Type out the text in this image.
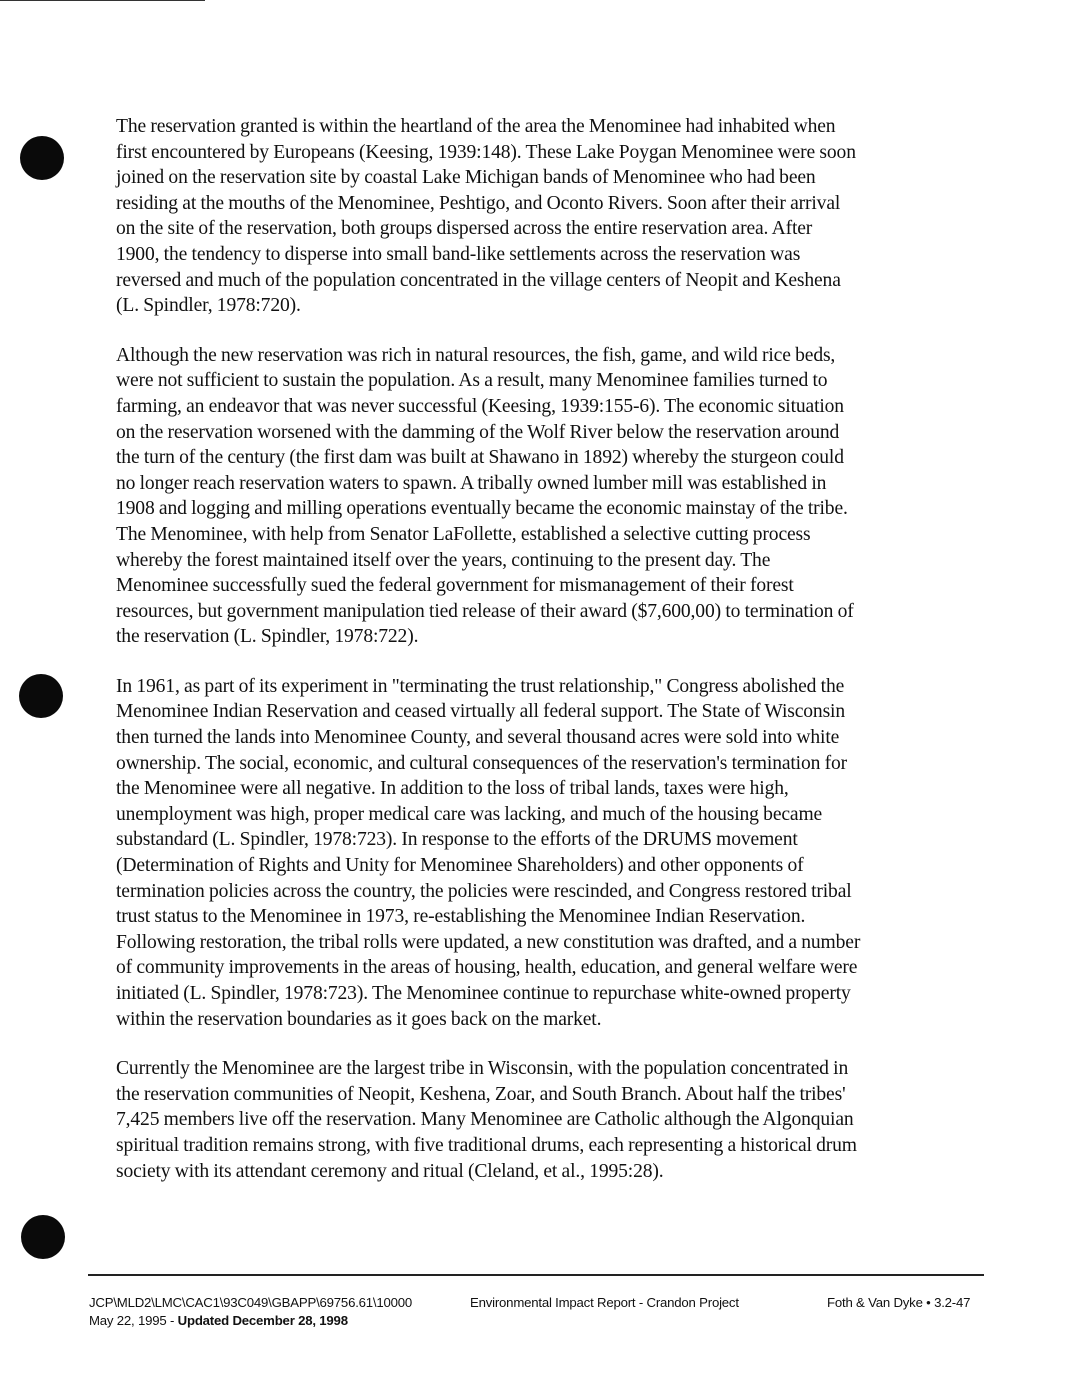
The reservation granted is within the heartland of the area the Menominee had inhabited when
first encountered by Europeans (Keesing, 1939:148). These Lake Poygan Menominee were soon
joined on the reservation site by coastal Lake Michigan bands of Menominee who had been
residing at the mouths of the Menominee, Peshtigo, and Oconto Rivers. Soon after their arrival
on the site of the reservation, both groups dispersed across the entire reservation area. After
1900, the tendency to disperse into small band-like settlements across the reservation was
reversed and much of the population concentrated in the village centers of Neopit and Keshena
(L. Spindler, 1978:720).

Although the new reservation was rich in natural resources, the fish, game, and wild rice beds,
were not sufficient to sustain the population. As a result, many Menominee families turned to
farming, an endeavor that was never successful (Keesing, 1939:155-6). The economic situation
on the reservation worsened with the damming of the Wolf River below the reservation around
the turn of the century (the first dam was built at Shawano in 1892) whereby the sturgeon could
no longer reach reservation waters to spawn. A tribally owned lumber mill was established in
1908 and logging and milling operations eventually became the economic mainstay of the tribe.
The Menominee, with help from Senator LaFollette, established a selective cutting process
whereby the forest maintained itself over the years, continuing to the present day. The
Menominee successfully sued the federal government for mismanagement of their forest
resources, but government manipulation tied release of their award ($7,600,00) to termination of
the reservation (L. Spindler, 1978:722).

In 1961, as part of its experiment in "terminating the trust relationship," Congress abolished the
Menominee Indian Reservation and ceased virtually all federal support. The State of Wisconsin
then turned the lands into Menominee County, and several thousand acres were sold into white
ownership. The social, economic, and cultural consequences of the reservation's termination for
the Menominee were all negative. In addition to the loss of tribal lands, taxes were high,
unemployment was high, proper medical care was lacking, and much of the housing became
substandard (L. Spindler, 1978:723). In response to the efforts of the DRUMS movement
(Determination of Rights and Unity for Menominee Shareholders) and other opponents of
termination policies across the country, the policies were rescinded, and Congress restored tribal
trust status to the Menominee in 1973, re-establishing the Menominee Indian Reservation.
Following restoration, the tribal rolls were updated, a new constitution was drafted, and a number
of community improvements in the areas of housing, health, education, and general welfare were
initiated (L. Spindler, 1978:723). The Menominee continue to repurchase white-owned property
within the reservation boundaries as it goes back on the market.

Currently the Menominee are the largest tribe in Wisconsin, with the population concentrated in
the reservation communities of Neopit, Keshena, Zoar, and South Branch. About half the tribes'
7,425 members live off the reservation. Many Menominee are Catholic although the Algonquian
spiritual tradition remains strong, with five traditional drums, each representing a historical drum
society with its attendant ceremony and ritual (Cleland, et al., 1995:28).

JCP\MLD2\LMC\CAC1\93C049\GBAPP\69756.61\10000
May 22, 1995 - Updated December 28, 1998
Environmental Impact Report - Crandon Project	Foth & Van Dyke • 3.2-47
